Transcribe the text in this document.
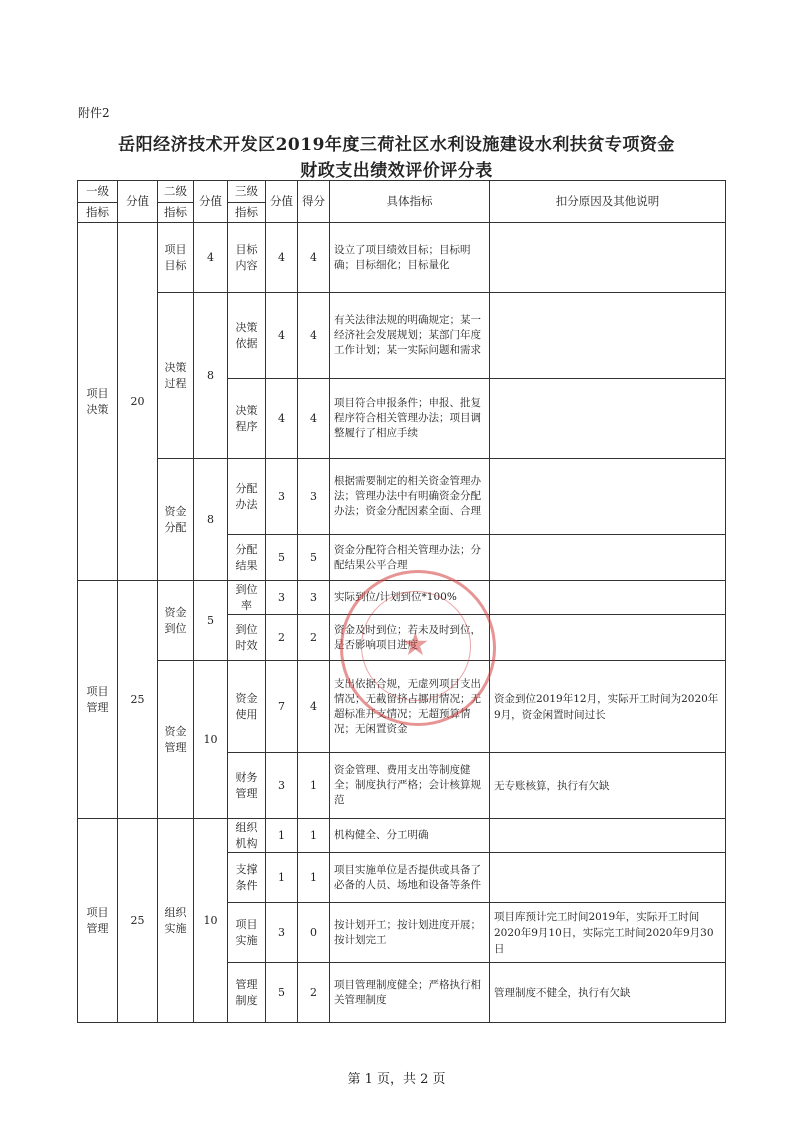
附件2
岳阳经济技术开发区2019年度三荷社区水利设施建设水利扶贫专项资金
财政支出绩效评价评分表
一级	分值	二级	分值	三级	分值	得分	具体指标	扣分原因及其他说明
指标		指标		指标				

项目决策	20	项目目标	4	目标内容	4	4	设立了项目绩效目标；目标明确；目标细化；目标量化	

		决策过程	8	决策依据	4	4	有关法律法规的明确规定；某一经济社会发展规划；某部门年度工作计划；某一实际问题和需求	

				决策程序	4	4	项目符合申报条件；申报、批复程序符合相关管理办法；项目调整履行了相应手续	

		资金分配	8	分配办法	3	3	根据需要制定的相关资金管理办法；管理办法中有明确资金分配办法；资金分配因素全面、合理	

				分配结果	5	5	资金分配符合相关管理办法；分配结果公平合理	

项目管理	25	资金到位	5	到位率	3	3	实际到位/计划到位*100%	

				到位时效	2	2	资金及时到位；若未及时到位，是否影响项目进度	

		资金管理	10	资金使用	7	4	支出依据合规，无虚列项目支出情况；无截留挤占挪用情况；无超标准开支情况；无超预算情况；无闲置资金	资金到位2019年12月，实际开工时间为2020年9月，资金闲置时间过长

				财务管理	3	1	资金管理、费用支出等制度健全；制度执行严格；会计核算规范	无专账核算，执行有欠缺

项目管理	25	组织实施	10	组织机构	1	1	机构健全、分工明确	

				支撑条件	1	1	项目实施单位是否提供或具备了必备的人员、场地和设备等条件	

				项目实施	3	0	按计划开工；按计划进度开展；按计划完工	项目库预计完工时间2019年，实际开工时间2020年9月10日，实际完工时间2020年9月30日

				管理制度	5	2	项目管理制度健全；严格执行相关管理制度	管理制度不健全，执行有欠缺
★
第 1 页，共 2 页
